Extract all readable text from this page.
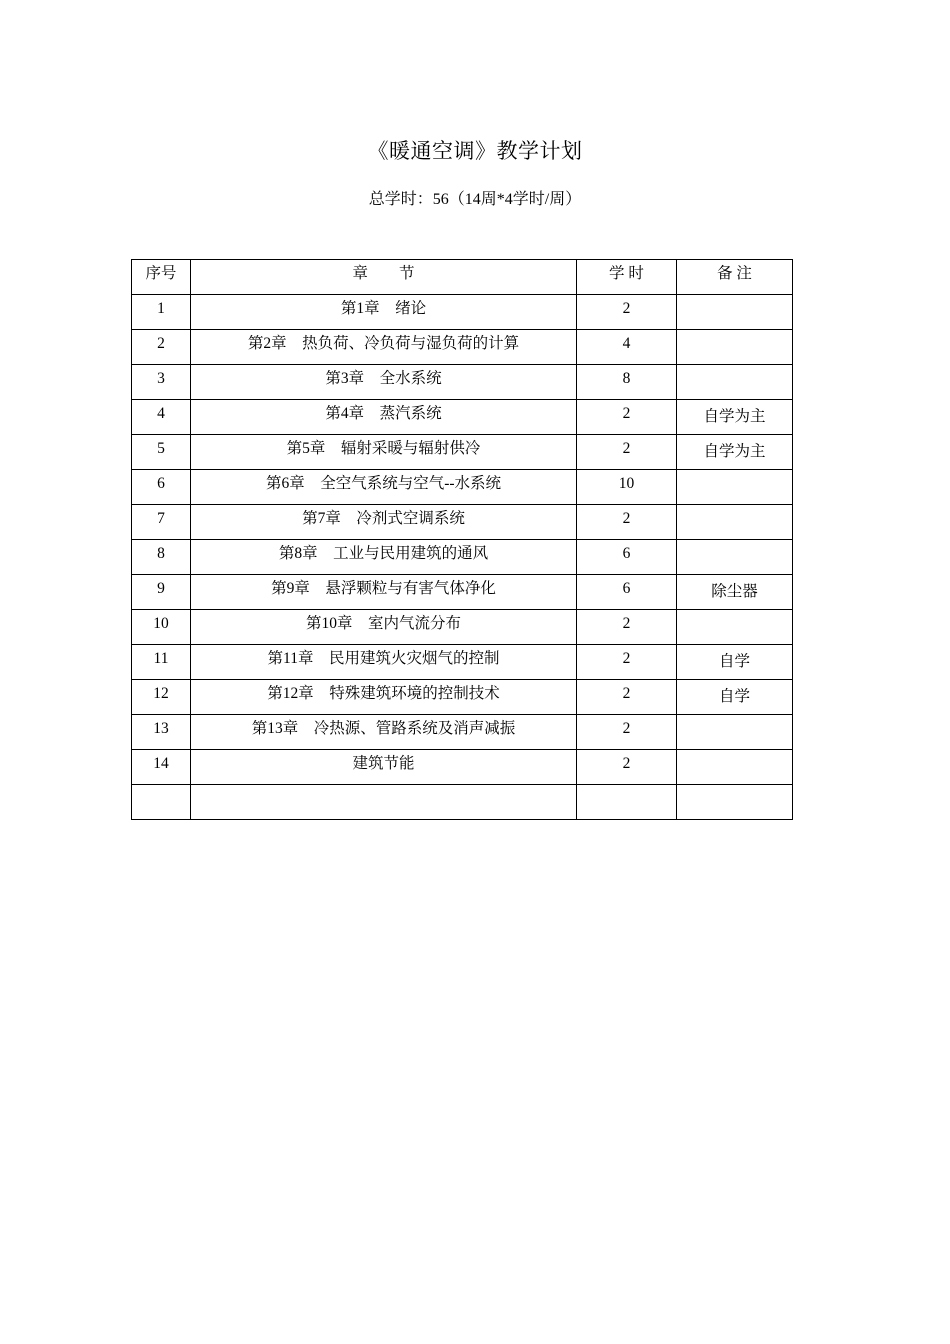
《暖通空调》教学计划
总学时：56（14周*4学时/周）
序号	章　　节	学 时	备 注
1	第1章　绪论	2	
2	第2章　热负荷、冷负荷与湿负荷的计算	4	
3	第3章　全水系统	8	
4	第4章　蒸汽系统	2	自学为主
5	第5章　辐射采暖与辐射供冷	2	自学为主
6	第6章　全空气系统与空气--水系统	10	
7	第7章　冷剂式空调系统	2	
8	第8章　工业与民用建筑的通风	6	
9	第9章　悬浮颗粒与有害气体净化	6	除尘器
10	第10章　室内气流分布	2	
11	第11章　民用建筑火灾烟气的控制	2	自学
12	第12章　特殊建筑环境的控制技术	2	自学
13	第13章　冷热源、管路系统及消声减振	2	
14	建筑节能	2	
